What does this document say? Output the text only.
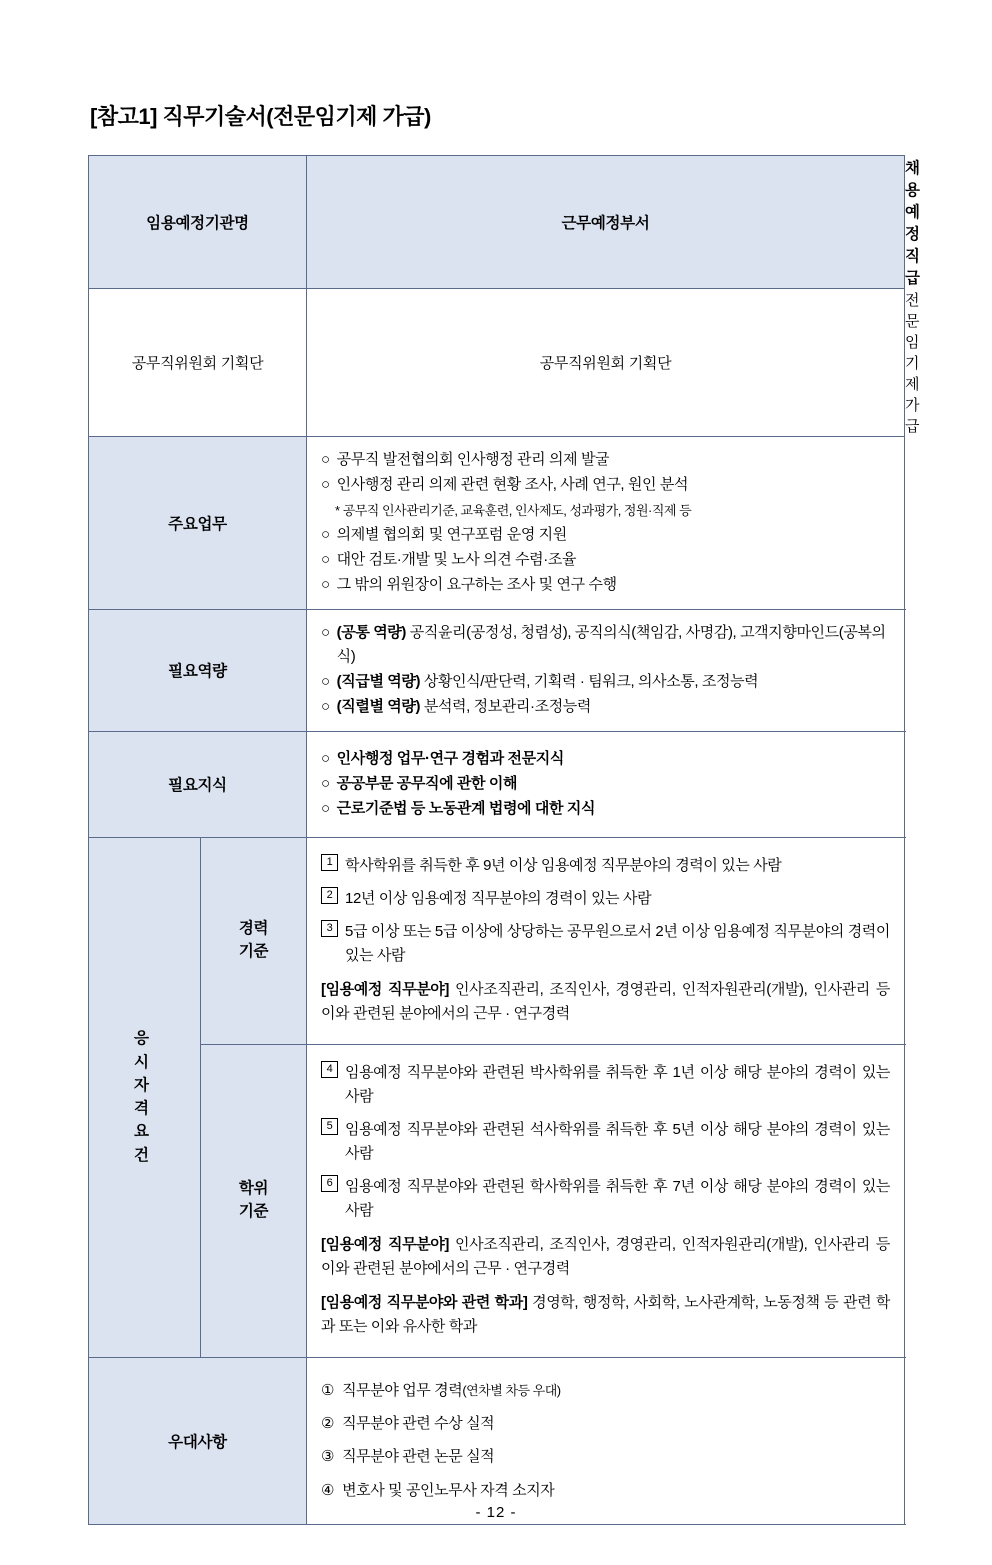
[참고1] 직무기술서(전문임기제 가급)
임용예정기관명		근무예정부서	채용예정 직급
공무직위원회 기획단		공무직위원회 기획단	전문임기제 가급
주요업무	
○ 공무직 발전협의회 인사행정 관리 의제 발굴
○ 인사행정 관리 의제 관련 현황 조사, 사례 연구, 원인 분석
* 공무직 인사관리기준, 교육훈련, 인사제도, 성과평가, 정원·직제 등
○ 의제별 협의회 및 연구포럼 운영 지원
○ 대안 검토·개발 및 노사 의견 수렴·조율
○ 그 밖의 위원장이 요구하는 조사 및 연구 수행

필요역량	
○ (공통 역량) 공직윤리(공정성, 청렴성), 공직의식(책임감, 사명감), 고객지향마인드(공복의식)
○ (직급별 역량) 상황인식/판단력, 기획력 · 팀워크, 의사소통, 조정능력
○ (직렬별 역량) 분석력, 정보관리·조정능력

필요지식	
○ 인사행정 업무·연구 경험과 전문지식
○ 공공부문 공무직에 관한 이해
○ 근로기준법 등 노동관계 법령에 대한 지식

응
시
자
격
요
건

경력
기준

1 학사학위를 취득한 후 9년 이상 임용예정 직무분야의 경력이 있는 사람
2 12년 이상 임용예정 직무분야의 경력이 있는 사람
3 5급 이상 또는 5급 이상에 상당하는 공무원으로서 2년 이상 임용예정 직무분야의 경력이 있는 사람
[임용예정 직무분야] 인사조직관리, 조직인사, 경영관리, 인적자원관리(개발), 인사관리 등 이와 관련된 분야에서의 근무 · 연구경력

학위
기준

4 임용예정 직무분야와 관련된 박사학위를 취득한 후 1년 이상 해당 분야의 경력이 있는 사람
5 임용예정 직무분야와 관련된 석사학위를 취득한 후 5년 이상 해당 분야의 경력이 있는 사람
6 임용예정 직무분야와 관련된 학사학위를 취득한 후 7년 이상 해당 분야의 경력이 있는 사람
[임용예정 직무분야] 인사조직관리, 조직인사, 경영관리, 인적자원관리(개발), 인사관리 등 이와 관련된 분야에서의 근무 · 연구경력
[임용예정 직무분야와 관련 학과] 경영학, 행정학, 사회학, 노사관계학, 노동정책 등 관련 학과 또는 이와 유사한 학과

우대사항	
① 직무분야 업무 경력(연차별 차등 우대)
② 직무분야 관련 수상 실적
③ 직무분야 관련 논문 실적
④ 변호사 및 공인노무사 자격 소지자
- 12 -
